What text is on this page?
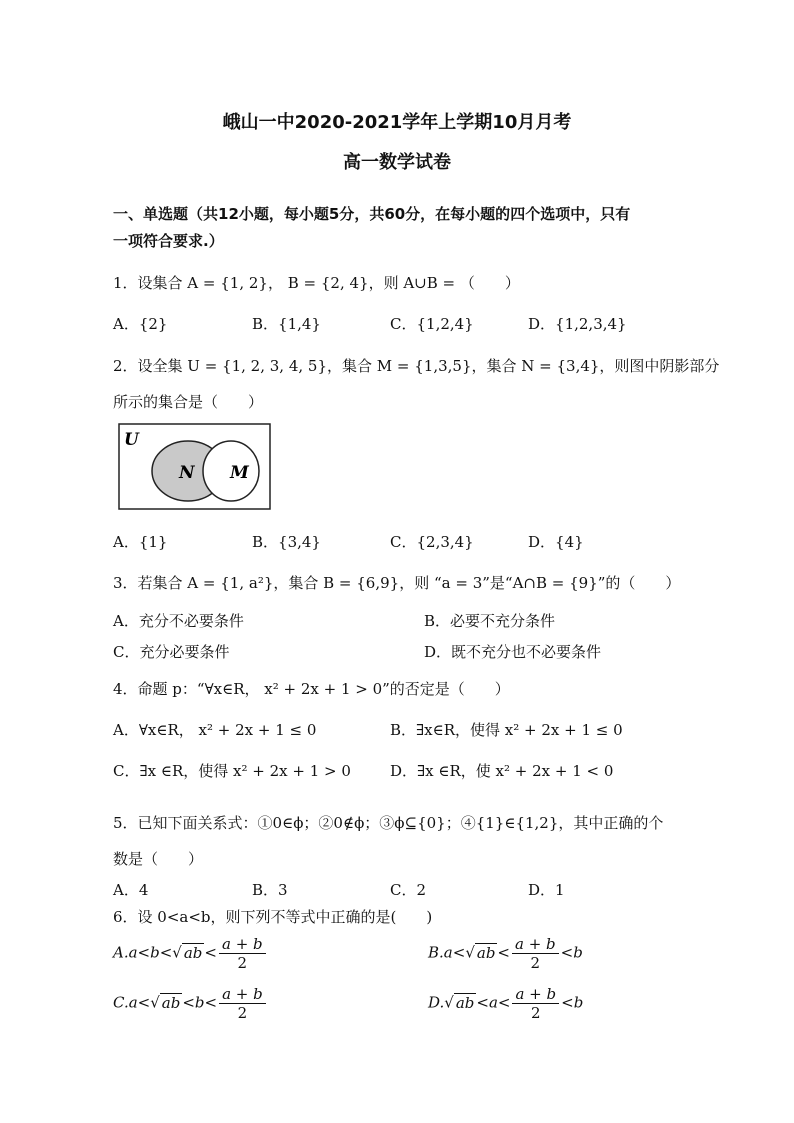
峨山一中2020-2021学年上学期10月月考
高一数学试卷
一、单选题（共12小题，每小题5分，共60分，在每小题的四个选项中，只有
一项符合要求.）
1．设集合 A = {1, 2}， B = {2, 4}，则 A∪B = （　　）
A．{2}	B．{1,4}	C．{1,2,4}	D．{1,2,3,4}
2．设全集 U = {1, 2, 3, 4, 5}，集合 M = {1,3,5}，集合 N = {3,4}，则图中阴影部分
所示的集合是（　　）
U
N M
A．{1}	B．{3,4}	C．{2,3,4}	D．{4}
3．若集合 A = {1, a²}，集合 B = {6,9}，则 “a = 3”是“A∩B = {9}”的（　　）
A．充分不必要条件	B．必要不充分条件
C．充分必要条件	D．既不充分也不必要条件
4．命题 p：“∀x∈R， x² + 2x + 1 > 0”的否定是（　　）
A．∀x∈R， x² + 2x + 1 ≤ 0	B．∃x∈R，使得 x² + 2x + 1 ≤ 0
C．∃x ∈R，使得 x² + 2x + 1 > 0	D．∃x ∈R，使 x² + 2x + 1 < 0
5．已知下面关系式：①0∈ϕ；②0∉ϕ；③ϕ⊆{0}；④{1}∈{1,2}，其中正确的个
数是（　　）
A．4	B．3	C．2	D．1
6．设 0<a<b，则下列不等式中正确的是(　　)
A.a<b<√ ab < $\frac{a + b}{2}$	B.a<√ ab < $\frac{a + b}{2} <b$
C.a<√ ab $<b< \frac{a + b}{2}$	D.√ ab $<a< \frac{a + b}{2} <b$
